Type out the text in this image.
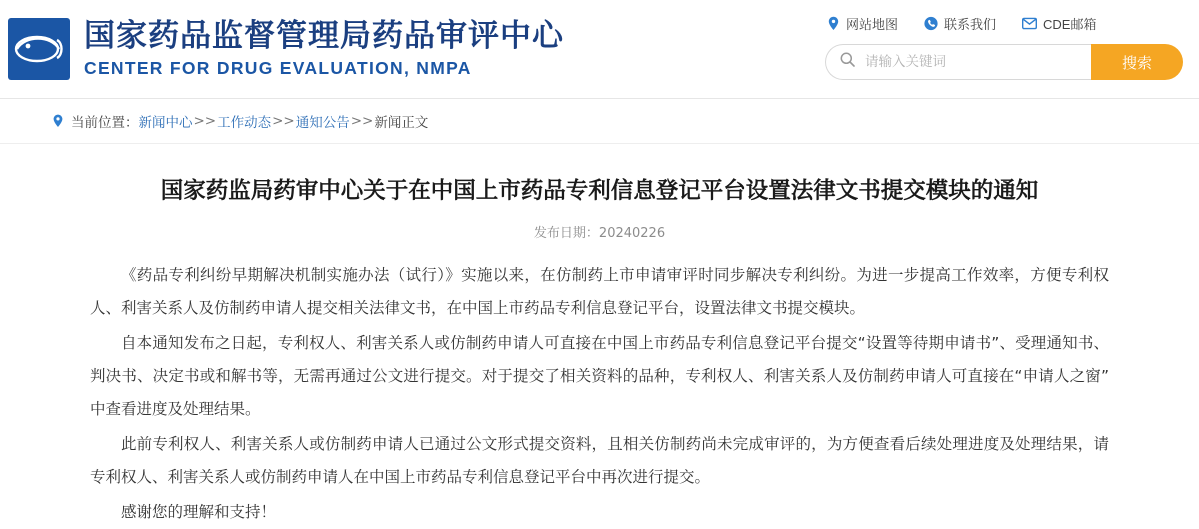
国家药品监督管理局药品审评中心
CENTER FOR DRUG EVALUATION, NMPA
网站地图	联系我们	CDE邮箱
请输入关键词
搜索
当前位置： 新闻中心 >> 工作动态 >> 通知公告 >> 新闻正文
国家药监局药审中心关于在中国上市药品专利信息登记平台设置法律文书提交模块的通知
发布日期：20240226

《药品专利纠纷早期解决机制实施办法（试行）》实施以来，在仿制药上市申请审评时同步解决专利纠纷。为进一步提高工作效率，方便专利权人、利害关系人及仿制药申请人提交相关法律文书，在中国上市药品专利信息登记平台，设置法律文书提交模块。

自本通知发布之日起，专利权人、利害关系人或仿制药申请人可直接在中国上市药品专利信息登记平台提交“设置等待期申请书”、受理通知书、判决书、决定书或和解书等，无需再通过公文进行提交。对于提交了相关资料的品种，专利权人、利害关系人及仿制药申请人可直接在“申请人之窗”中查看进度及处理结果。

此前专利权人、利害关系人或仿制药申请人已通过公文形式提交资料，且相关仿制药尚未完成审评的，为方便查看后续处理进度及处理结果，请专利权人、利害关系人或仿制药申请人在中国上市药品专利信息登记平台中再次进行提交。

感谢您的理解和支持！
